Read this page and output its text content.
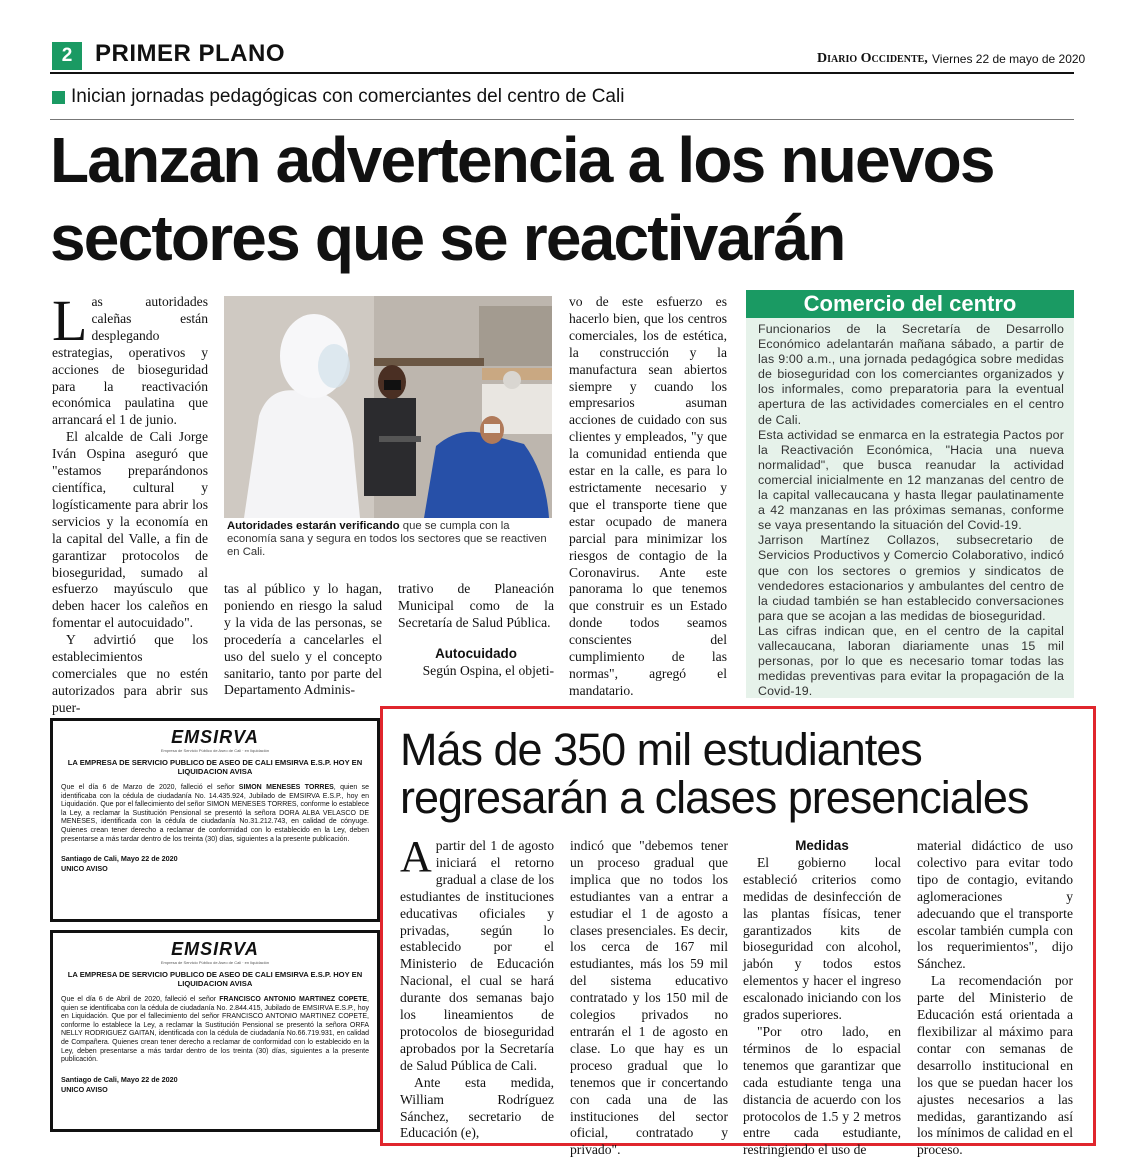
2 PRIMER PLANO	Diario Occidente, Viernes 22 de mayo de 2020
Inician jornadas pedagógicas con comerciantes del centro de Cali
Lanzan advertencia a los nuevos
sectores que se reactivarán
L as autoridades caleñas están desplegando estrategias, operativos y acciones de bioseguridad para la reactivación económica paulatina que arrancará el 1 de junio.

El alcalde de Cali Jorge Iván Ospina aseguró que "estamos preparándonos científica, cultural y logísticamente para abrir los servicios y la economía en la capital del Valle, a fin de garantizar protocolos de bioseguridad, sumado al esfuerzo mayúsculo que deben hacer los caleños en fomentar el autocuidado".

Y advirtió que los establecimientos comerciales que no estén autorizados para abrir sus puer-

Autoridades estarán verificando que se cumpla con la economía sana y segura en todos los sectores que se reactiven en Cali.

tas al público y lo hagan, poniendo en riesgo la salud y la vida de las personas, se procedería a cancelarles el uso del suelo y el concepto sanitario, tanto por parte del Departamento Adminis-

trativo de Planeación Municipal como de la Secretaría de Salud Pública.

Autocuidado

Según Ospina, el objeti-

vo de este esfuerzo es hacerlo bien, que los centros comerciales, los de estética, la construcción y la manufactura sean abiertos siempre y cuando los empresarios asuman acciones de cuidado con sus clientes y empleados, "y que la comunidad entienda que estar en la calle, es para lo estrictamente necesario y que el transporte tiene que estar ocupado de manera parcial para minimizar los riesgos de contagio de la Coronavirus. Ante este panorama lo que tenemos que construir es un Estado donde todos seamos conscientes del cumplimiento de las normas", agregó el mandatario.

Comercio del centro

Funcionarios de la Secretaría de Desarrollo Económico adelantarán mañana sábado, a partir de las 9:00 a.m., una jornada pedagógica sobre medidas de bioseguridad con los comerciantes organizados y los informales, como preparatoria para la eventual apertura de las actividades comerciales en el centro de Cali.

Esta actividad se enmarca en la estrategia Pactos por la Reactivación Económica, "Hacia una nueva normalidad", que busca reanudar la actividad comercial inicialmente en 12 manzanas del centro de la capital vallecaucana y hasta llegar paulatinamente a 42 manzanas en las próximas semanas, conforme se vaya presentando la situación del Covid-19.

Jarrison Martínez Collazos, subsecretario de Servicios Productivos y Comercio Colaborativo, indicó que con los sectores o gremios y sindicatos de vendedores estacionarios y ambulantes del centro de la ciudad también se han establecido conversaciones para que se acojan a las medidas de bioseguridad.

Las cifras indican que, en el centro de la capital vallecaucana, laboran diariamente unas 15 mil personas, por lo que es necesario tomar todas las medidas preventivas para evitar la propagación de la Covid-19.

EMSIRVA
Empresa de Servicio Público de Aseo de Cali · en liquidación
LA EMPRESA DE SERVICIO PUBLICO DE ASEO DE CALI EMSIRVA E.S.P. HOY EN LIQUIDACION AVISA
Que el día 6 de Marzo de 2020, falleció el señor SIMON MENESES TORRES, quien se identificaba con la cédula de ciudadanía No. 14.435.924, Jubilado de EMSIRVA E.S.P., hoy en Liquidación. Que por el fallecimiento del señor SIMON MENESES TORRES, conforme lo establece la Ley, a reclamar la Sustitución Pensional se presentó la señora DORA ALBA VELASCO DE MENESES, identificada con la cédula de ciudadanía No.31.212.743, en calidad de cónyuge. Quienes crean tener derecho a reclamar de conformidad con lo establecido en la Ley, deben presentarse a más tardar dentro de los treinta (30) días, siguientes a la presente publicación.
Santiago de Cali, Mayo 22 de 2020
UNICO AVISO
EMSIRVA
Empresa de Servicio Público de Aseo de Cali · en liquidación
LA EMPRESA DE SERVICIO PUBLICO DE ASEO DE CALI EMSIRVA E.S.P. HOY EN LIQUIDACION AVISA
Que el día 6 de Abril de 2020, falleció el señor FRANCISCO ANTONIO MARTINEZ COPETE, quien se identificaba con la cédula de ciudadanía No. 2.844.415, Jubilado de EMSIRVA E.S.P., hoy en Liquidación. Que por el fallecimiento del señor FRANCISCO ANTONIO MARTINEZ COPETE, conforme lo establece la Ley, a reclamar la Sustitución Pensional se presentó la señora ORFA NELLY RODRIGUEZ GAITAN, identificada con la cédula de ciudadanía No.66.719.931, en calidad de Compañera. Quienes crean tener derecho a reclamar de conformidad con lo establecido en la Ley, deben presentarse a más tardar dentro de los treinta (30) días, siguientes a la presente publicación.
Santiago de Cali, Mayo 22 de 2020
UNICO AVISO
Más de 350 mil estudiantes
regresarán a clases presenciales
A partir del 1 de agosto iniciará el retorno gradual a clase de los estudiantes de instituciones educativas oficiales y privadas, según lo establecido por el Ministerio de Educación Nacional, el cual se hará durante dos semanas bajo los lineamientos de protocolos de bioseguridad aprobados por la Secretaría de Salud Pública de Cali.

Ante esta medida, William Rodríguez Sánchez, secretario de Educación (e),

indicó que "debemos tener un proceso gradual que implica que no todos los estudiantes van a entrar a estudiar el 1 de agosto a clases presenciales. Es decir, los cerca de 167 mil estudiantes, más los 59 mil del sistema educativo contratado y los 150 mil de colegios privados no entrarán el 1 de agosto en clase. Lo que hay es un proceso gradual que lo tenemos que ir concertando con cada una de las instituciones del sector oficial, contratado y privado".

Medidas

El gobierno local estableció criterios como medidas de desinfección de las plantas físicas, tener garantizados kits de bioseguridad con alcohol, jabón y todos estos elementos y hacer el ingreso escalonado iniciando con los grados superiores.

"Por otro lado, en términos de lo espacial tenemos que garantizar que cada estudiante tenga una distancia de acuerdo con los protocolos de 1.5 y 2 metros entre cada estudiante, restringiendo el uso de

material didáctico de uso colectivo para evitar todo tipo de contagio, evitando aglomeraciones y adecuando que el transporte escolar también cumpla con los requerimientos", dijo Sánchez.

La recomendación por parte del Ministerio de Educación está orientada a flexibilizar al máximo para contar con semanas de desarrollo institucional en los que se puedan hacer los ajustes necesarios a las medidas, garantizando así los mínimos de calidad en el proceso.
